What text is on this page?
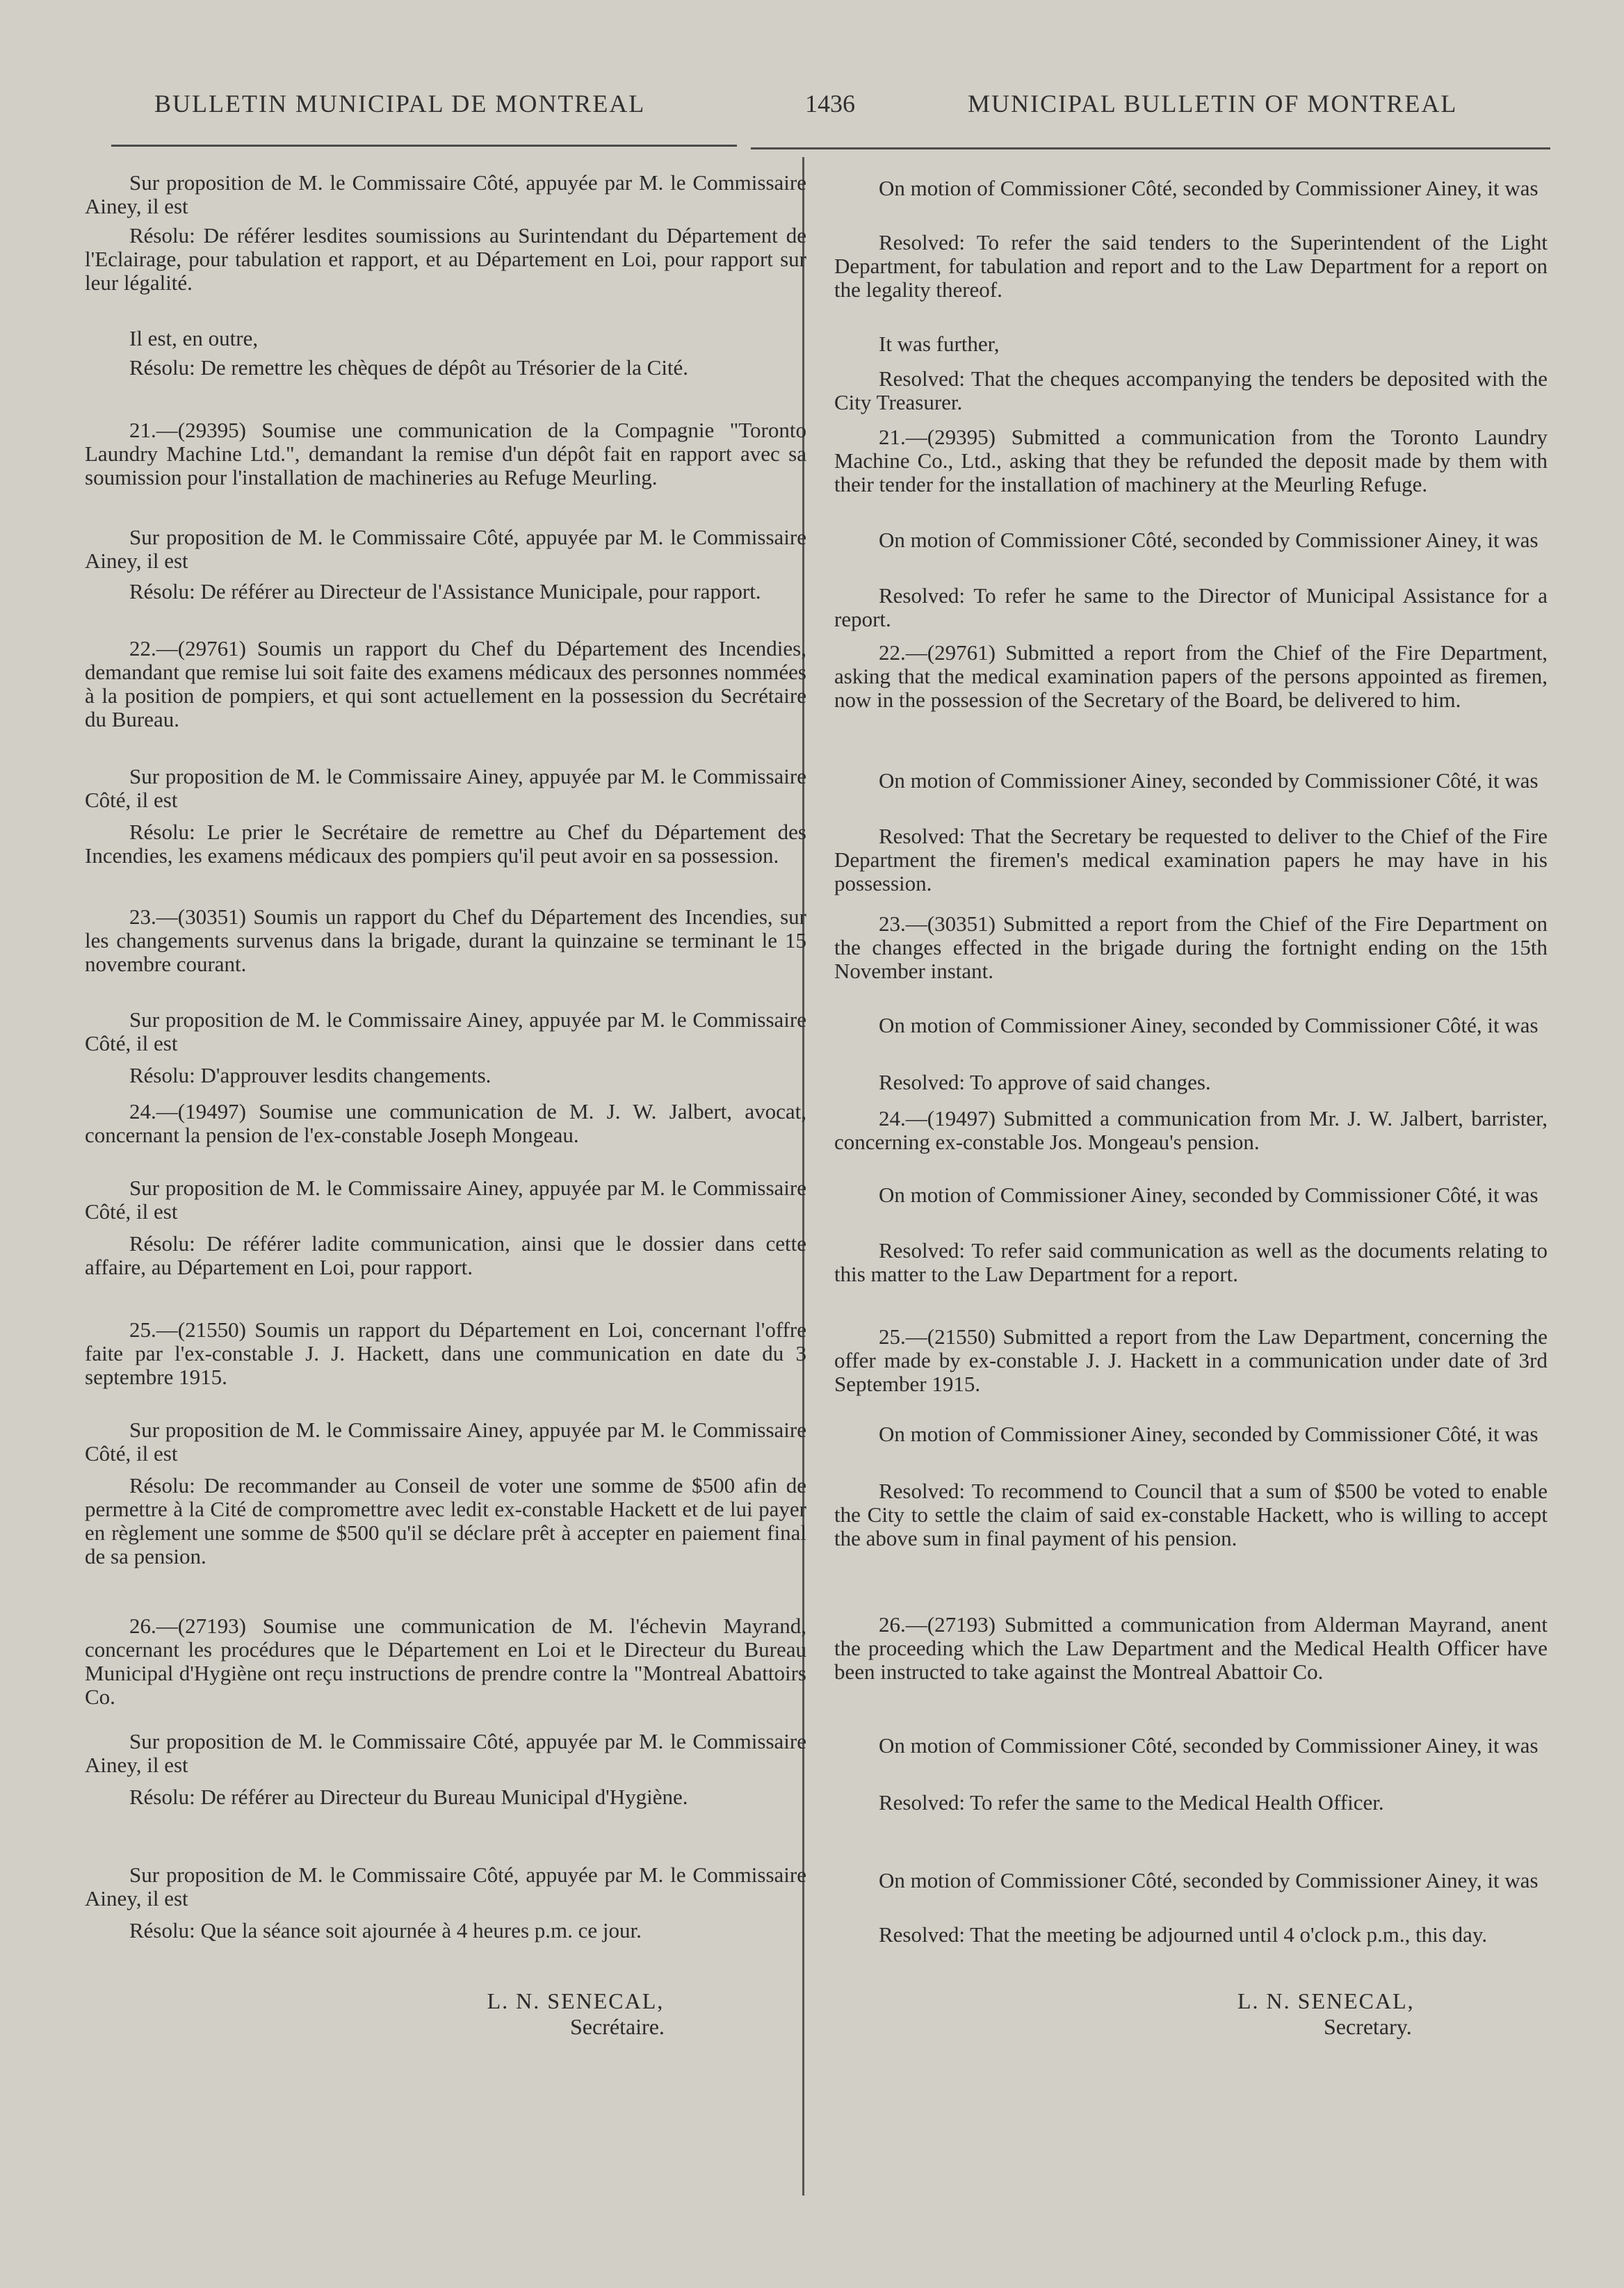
BULLETIN MUNICIPAL DE MONTREAL	1436	MUNICIPAL BULLETIN OF MONTREAL

Sur proposition de M. le Commissaire Côté, appuyée par M. le Commissaire Ainey, il est

Résolu: De référer lesdites soumissions au Surintendant du Département de l'Eclairage, pour tabulation et rapport, et au Département en Loi, pour rapport sur leur légalité.

Il est, en outre,

Résolu: De remettre les chèques de dépôt au Trésorier de la Cité.

21.—(29395) Soumise une communication de la Compagnie "Toronto Laundry Machine Ltd.", demandant la remise d'un dépôt fait en rapport avec sa soumission pour l'installation de machineries au Refuge Meurling.

Sur proposition de M. le Commissaire Côté, appuyée par M. le Commissaire Ainey, il est

Résolu: De référer au Directeur de l'Assistance Municipale, pour rapport.

22.—(29761) Soumis un rapport du Chef du Département des Incendies, demandant que remise lui soit faite des examens médicaux des personnes nommées à la position de pompiers, et qui sont actuellement en la possession du Secrétaire du Bureau.

Sur proposition de M. le Commissaire Ainey, appuyée par M. le Commissaire Côté, il est

Résolu: Le prier le Secrétaire de remettre au Chef du Département des Incendies, les examens médicaux des pompiers qu'il peut avoir en sa possession.

23.—(30351) Soumis un rapport du Chef du Département des Incendies, sur les changements survenus dans la brigade, durant la quinzaine se terminant le 15 novembre courant.

Sur proposition de M. le Commissaire Ainey, appuyée par M. le Commissaire Côté, il est

Résolu: D'approuver lesdits changements.

24.—(19497) Soumise une communication de M. J. W. Jalbert, avocat, concernant la pension de l'ex-constable Joseph Mongeau.

Sur proposition de M. le Commissaire Ainey, appuyée par M. le Commissaire Côté, il est

Résolu: De référer ladite communication, ainsi que le dossier dans cette affaire, au Département en Loi, pour rapport.

25.—(21550) Soumis un rapport du Département en Loi, concernant l'offre faite par l'ex-constable J. J. Hackett, dans une communication en date du 3 septembre 1915.

Sur proposition de M. le Commissaire Ainey, appuyée par M. le Commissaire Côté, il est

Résolu: De recommander au Conseil de voter une somme de $500 afin de permettre à la Cité de compromettre avec ledit ex-constable Hackett et de lui payer en règlement une somme de $500 qu'il se déclare prêt à accepter en paiement final de sa pension.

26.—(27193) Soumise une communication de M. l'échevin Mayrand, concernant les procédures que le Département en Loi et le Directeur du Bureau Municipal d'Hygiène ont reçu instructions de prendre contre la "Montreal Abattoirs Co.

Sur proposition de M. le Commissaire Côté, appuyée par M. le Commissaire Ainey, il est

Résolu: De référer au Directeur du Bureau Municipal d'Hygiène.

Sur proposition de M. le Commissaire Côté, appuyée par M. le Commissaire Ainey, il est

Résolu: Que la séance soit ajournée à 4 heures p.m. ce jour.

L. N. SENECAL,
Secrétaire.

On motion of Commissioner Côté, seconded by Commissioner Ainey, it was

Resolved: To refer the said tenders to the Superintendent of the Light Department, for tabulation and report and to the Law Department for a report on the legality thereof.

It was further,

Resolved: That the cheques accompanying the tenders be deposited with the City Treasurer.

21.—(29395) Submitted a communication from the Toronto Laundry Machine Co., Ltd., asking that they be refunded the deposit made by them with their tender for the installation of machinery at the Meurling Refuge.

On motion of Commissioner Côté, seconded by Commissioner Ainey, it was

Resolved: To refer he same to the Director of Municipal Assistance for a report.

22.—(29761) Submitted a report from the Chief of the Fire Department, asking that the medical examination papers of the persons appointed as firemen, now in the possession of the Secretary of the Board, be delivered to him.

On motion of Commissioner Ainey, seconded by Commissioner Côté, it was

Resolved: That the Secretary be requested to deliver to the Chief of the Fire Department the firemen's medical examination papers he may have in his possession.

23.—(30351) Submitted a report from the Chief of the Fire Department on the changes effected in the brigade during the fortnight ending on the 15th November instant.

On motion of Commissioner Ainey, seconded by Commissioner Côté, it was

Resolved: To approve of said changes.

24.—(19497) Submitted a communication from Mr. J. W. Jalbert, barrister, concerning ex-constable Jos. Mongeau's pension.

On motion of Commissioner Ainey, seconded by Commissioner Côté, it was

Resolved: To refer said communication as well as the documents relating to this matter to the Law Department for a report.

25.—(21550) Submitted a report from the Law Department, concerning the offer made by ex-constable J. J. Hackett in a communication under date of 3rd September 1915.

On motion of Commissioner Ainey, seconded by Commissioner Côté, it was

Resolved: To recommend to Council that a sum of $500 be voted to enable the City to settle the claim of said ex-constable Hackett, who is willing to accept the above sum in final payment of his pension.

26.—(27193) Submitted a communication from Alderman Mayrand, anent the proceeding which the Law Department and the Medical Health Officer have been instructed to take against the Montreal Abattoir Co.

On motion of Commissioner Côté, seconded by Commissioner Ainey, it was

Resolved: To refer the same to the Medical Health Officer.

On motion of Commissioner Côté, seconded by Commissioner Ainey, it was

Resolved: That the meeting be adjourned until 4 o'clock p.m., this day.

L. N. SENECAL,
Secretary.
